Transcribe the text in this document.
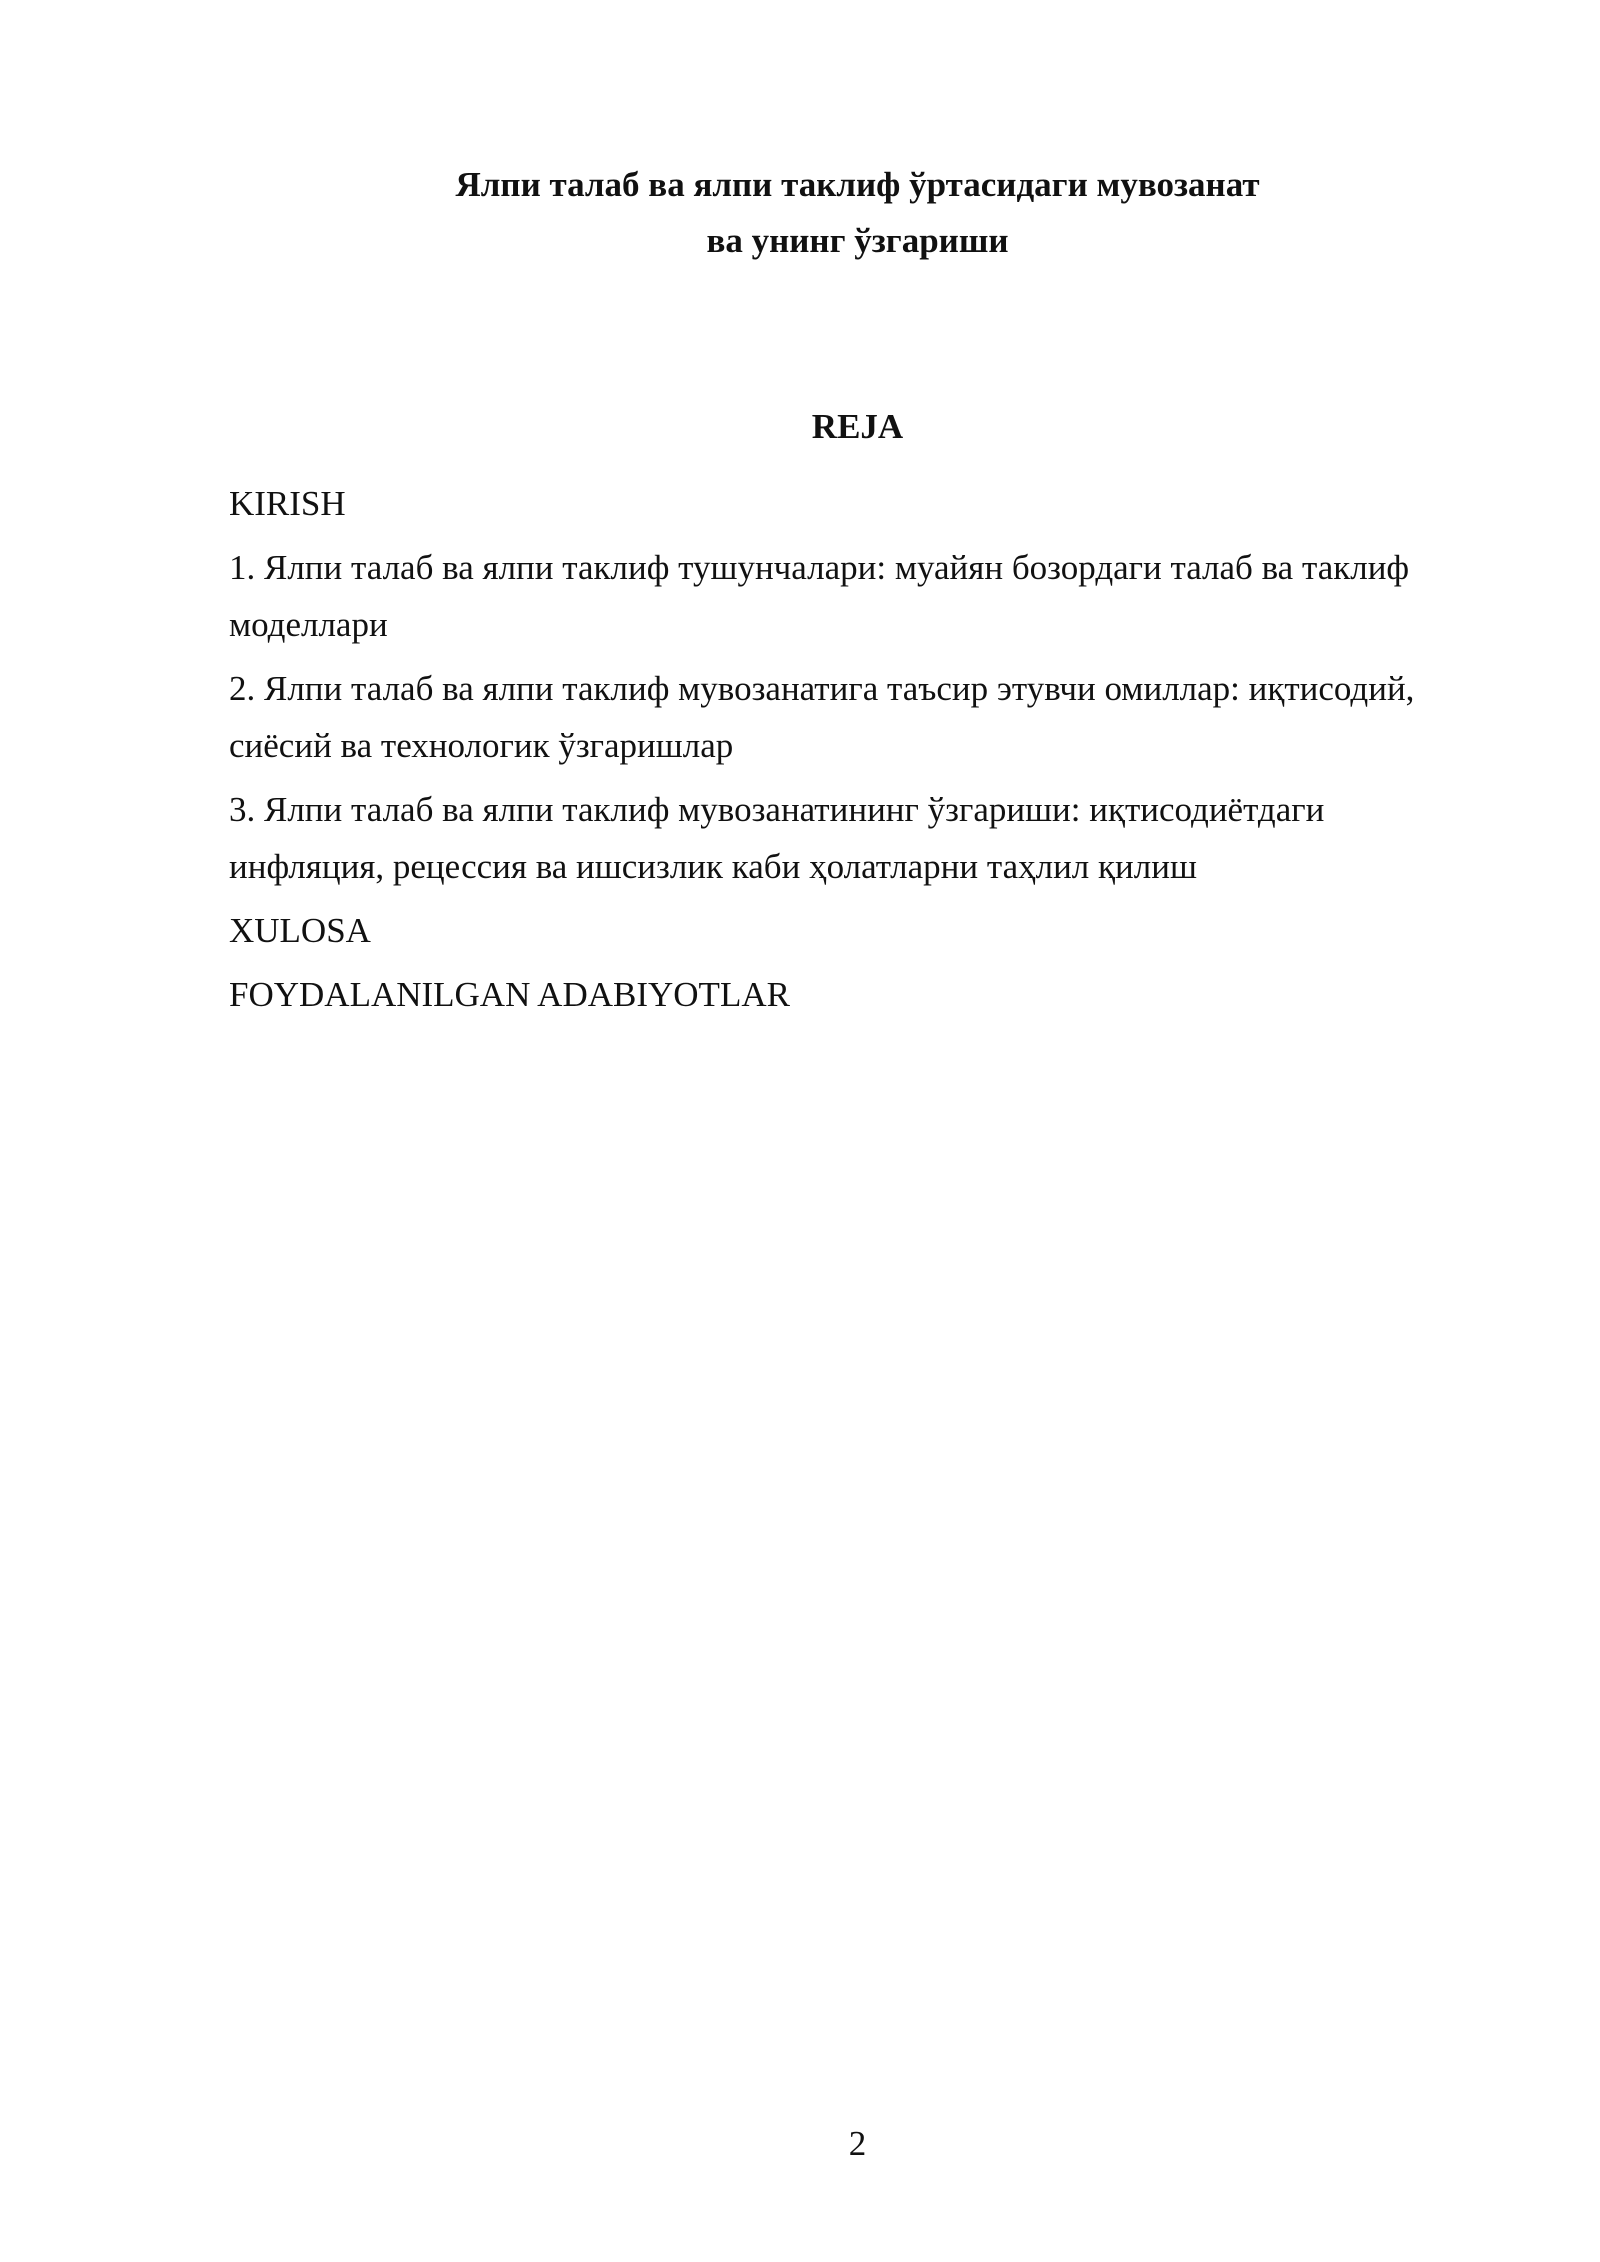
Ялпи талаб ва ялпи таклиф ўртасидаги мувозанат
ва унинг ўзгариши
REJA
KIRISH
1. Ялпи талаб ва ялпи таклиф тушунчалари: муайян бозордаги талаб ва таклиф моделлари
2. Ялпи талаб ва ялпи таклиф мувозанатига таъсир этувчи омиллар: иқтисодий, сиёсий ва технологик ўзгаришлар
3. Ялпи талаб ва ялпи таклиф мувозанатининг ўзгариши: иқтисодиётдаги инфляция, рецессия ва ишсизлик каби ҳолатларни таҳлил қилиш
XULOSA
FOYDALANILGAN ADABIYOTLAR
2
